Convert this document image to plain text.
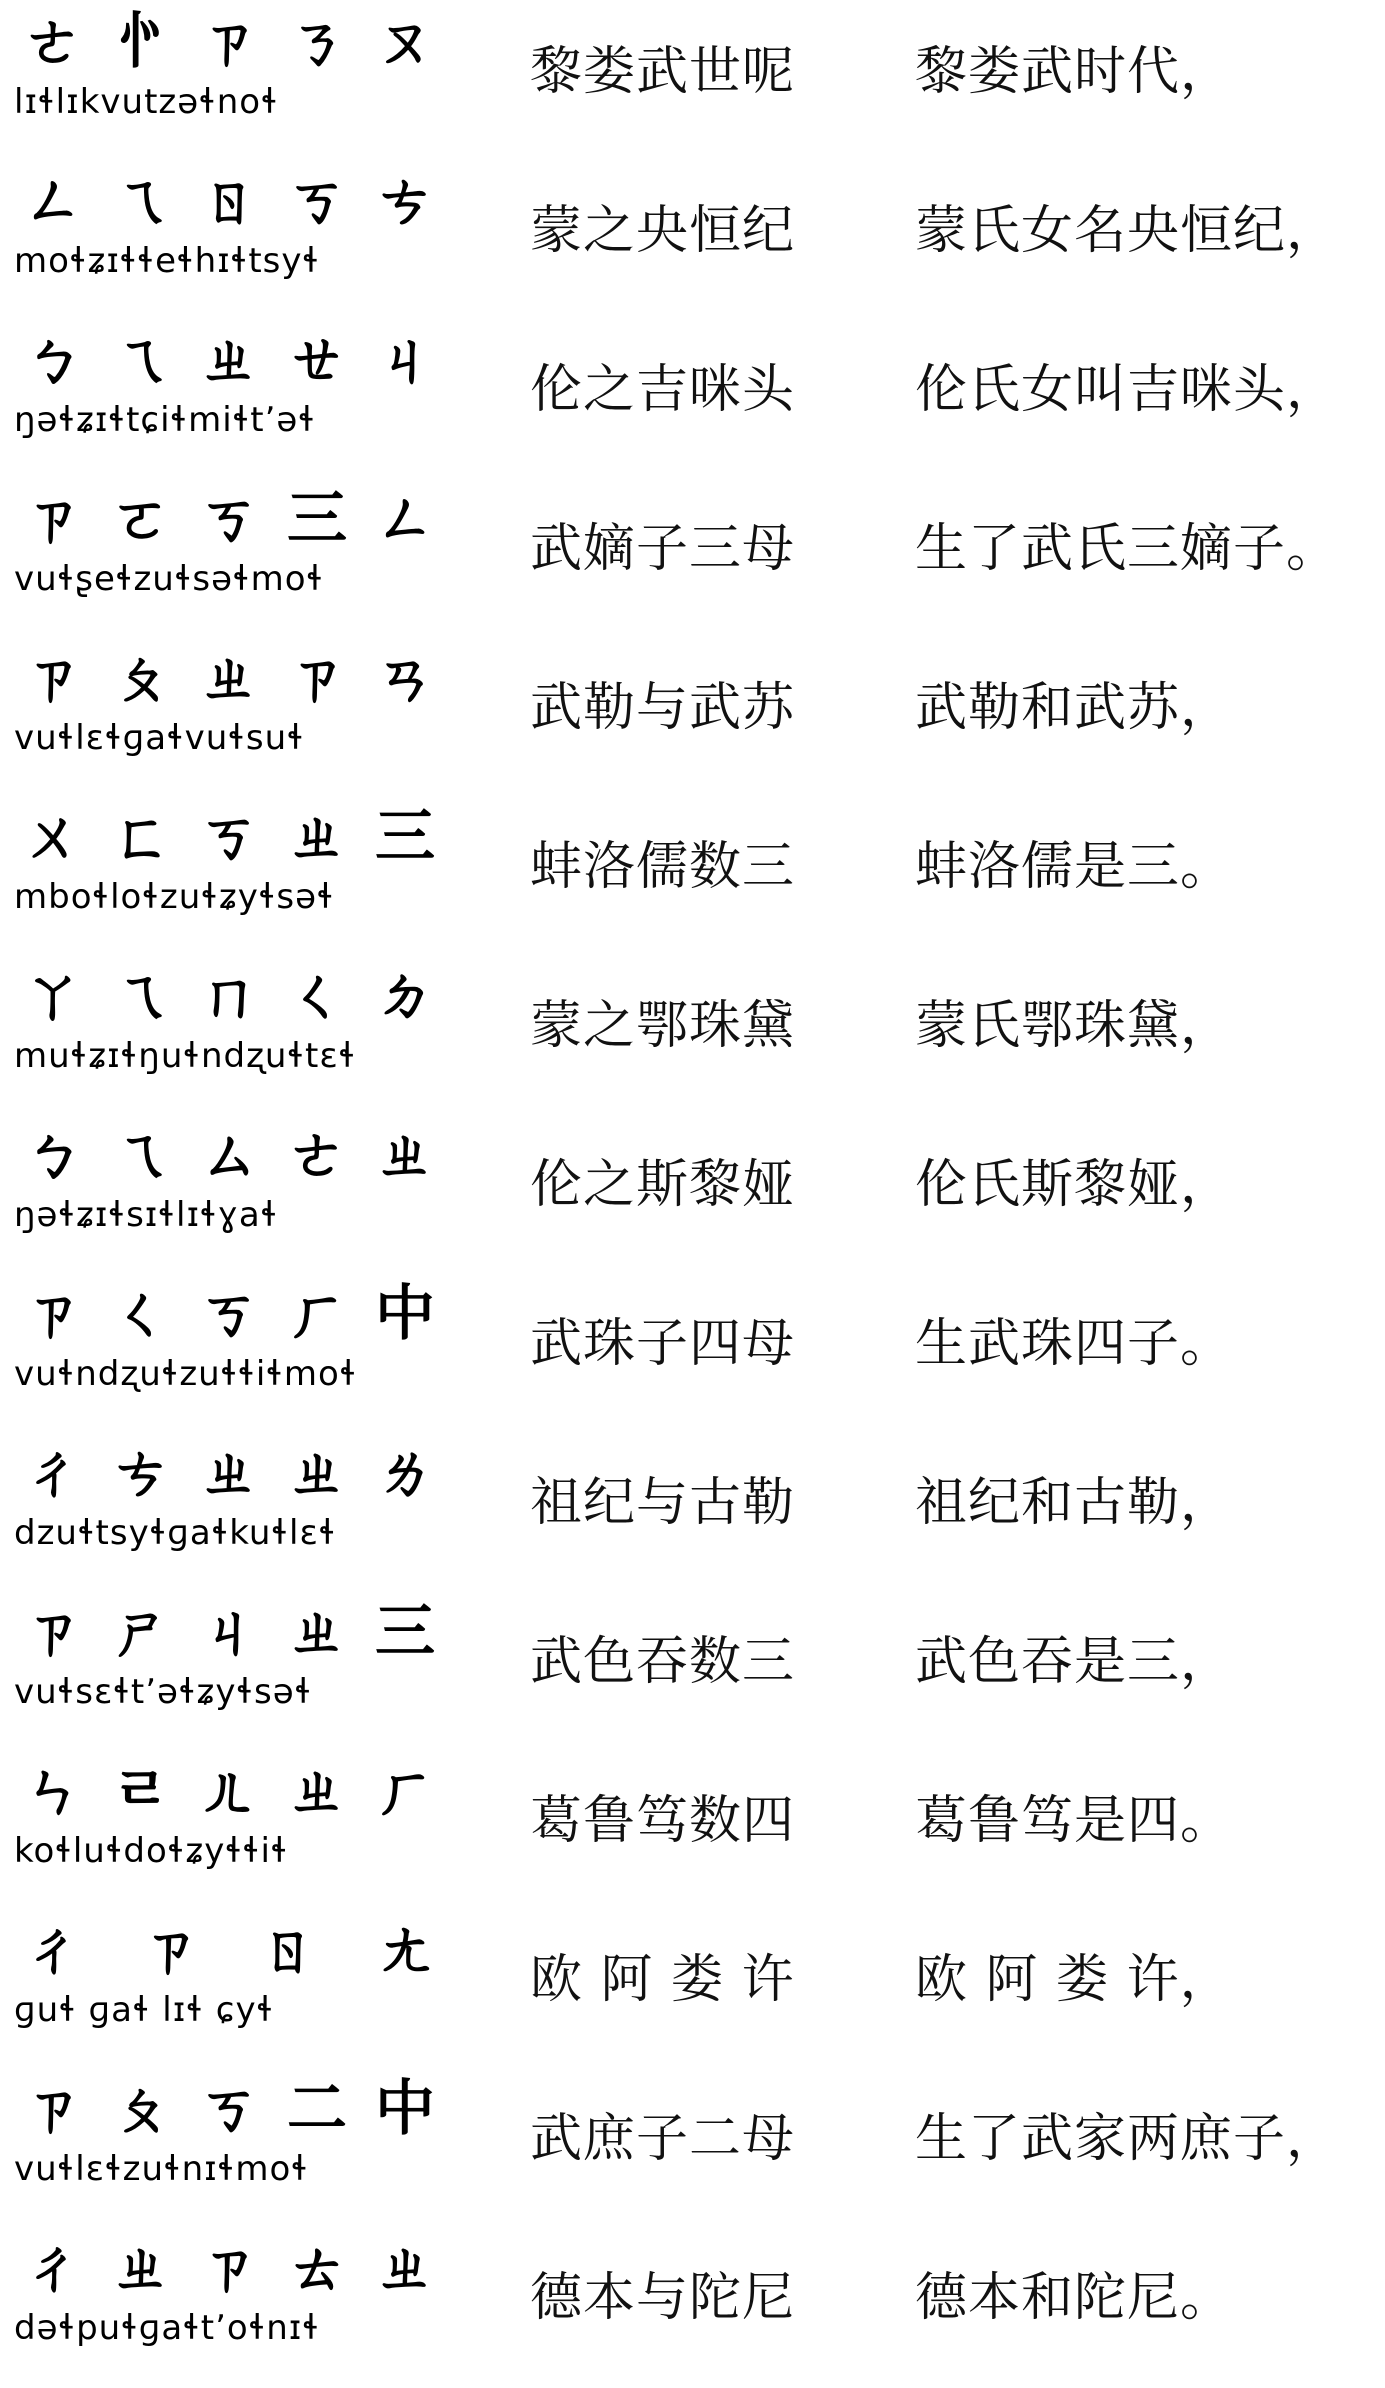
ㄜ 㣺 ㄗ ㄋ ㄡ
lɪɬlɪkvutzəɬnoɬ	黎娄武世呢	黎娄武时代，
ㄥ ㄟ ㄖ ㄎ ㄘ
moɬʑɪɬɬeɬhɪɬtsyɬ	蒙之央恒纪	蒙氏女名央恒纪，
ㄅ ㄟ ㄓ ㄝ ㄐ
ŋəɬʑɪɬtɕiɬmiɬtʼəɬ	伦之吉咪头	伦氏女叫吉咪头，
ㄗ ㄛ ㄎ 三 ㄥ
vuɬʂeɬzuɬsəɬmoɬ	武嫡子三母	生了武氏三嫡子。
ㄗ ㄆ ㄓ ㄗ ㄢ
vuɬlɛɬɡaɬvuɬsuɬ	武勒与武苏	武勒和武苏，
ㄨ ㄈ ㄎ ㄓ 三
mboɬloɬzuɬʑyɬsəɬ	蚌洛儒数三	蚌洛儒是三。
ㄚ ㄟ ㄇ ㄑ ㄉ
muɬʑɪɬŋuɬndʐuɬtɛɬ	蒙之鄂珠黛	蒙氏鄂珠黛，
ㄅ ㄟ ㄙ ㄜ ㄓ
ŋəɬʑɪɬsɪɬlɪɬɣaɬ	伦之斯黎娅	伦氏斯黎娅，
ㄗ ㄑ ㄎ ㄏ 中
vuɬndʐuɬzuɬɬiɬmoɬ	武珠子四母	生武珠四子。
ㄔ ㄘ ㄓ ㄓ ㄌ
dzuɬtsyɬɡaɬkuɬlɛɬ	祖纪与古勒	祖纪和古勒，
ㄗ ㄕ ㄐ ㄓ 三
vuɬsɛɬtʼəɬʑyɬsəɬ	武色吞数三	武色吞是三，
ㄣ ㄹ ㄦ ㄓ ㄏ
koɬluɬdoɬʑyɬɬiɬ	葛鲁笃数四	葛鲁笃是四。
ㄔ ㄗ ㄖ ㄤ
ɡuɬ ɡaɬ lɪɬ ɕyɬ	欧 阿 娄 许	欧 阿 娄 许，
ㄗ ㄆ ㄎ 二 中
vuɬlɛɬzuɬnɪɬmoɬ	武庶子二母	生了武家两庶子，
ㄔ ㄓ ㄗ ㄊ ㄓ
dəɬpuɬɡaɬtʼoɬnɪɬ	德本与陀尼	德本和陀尼。
